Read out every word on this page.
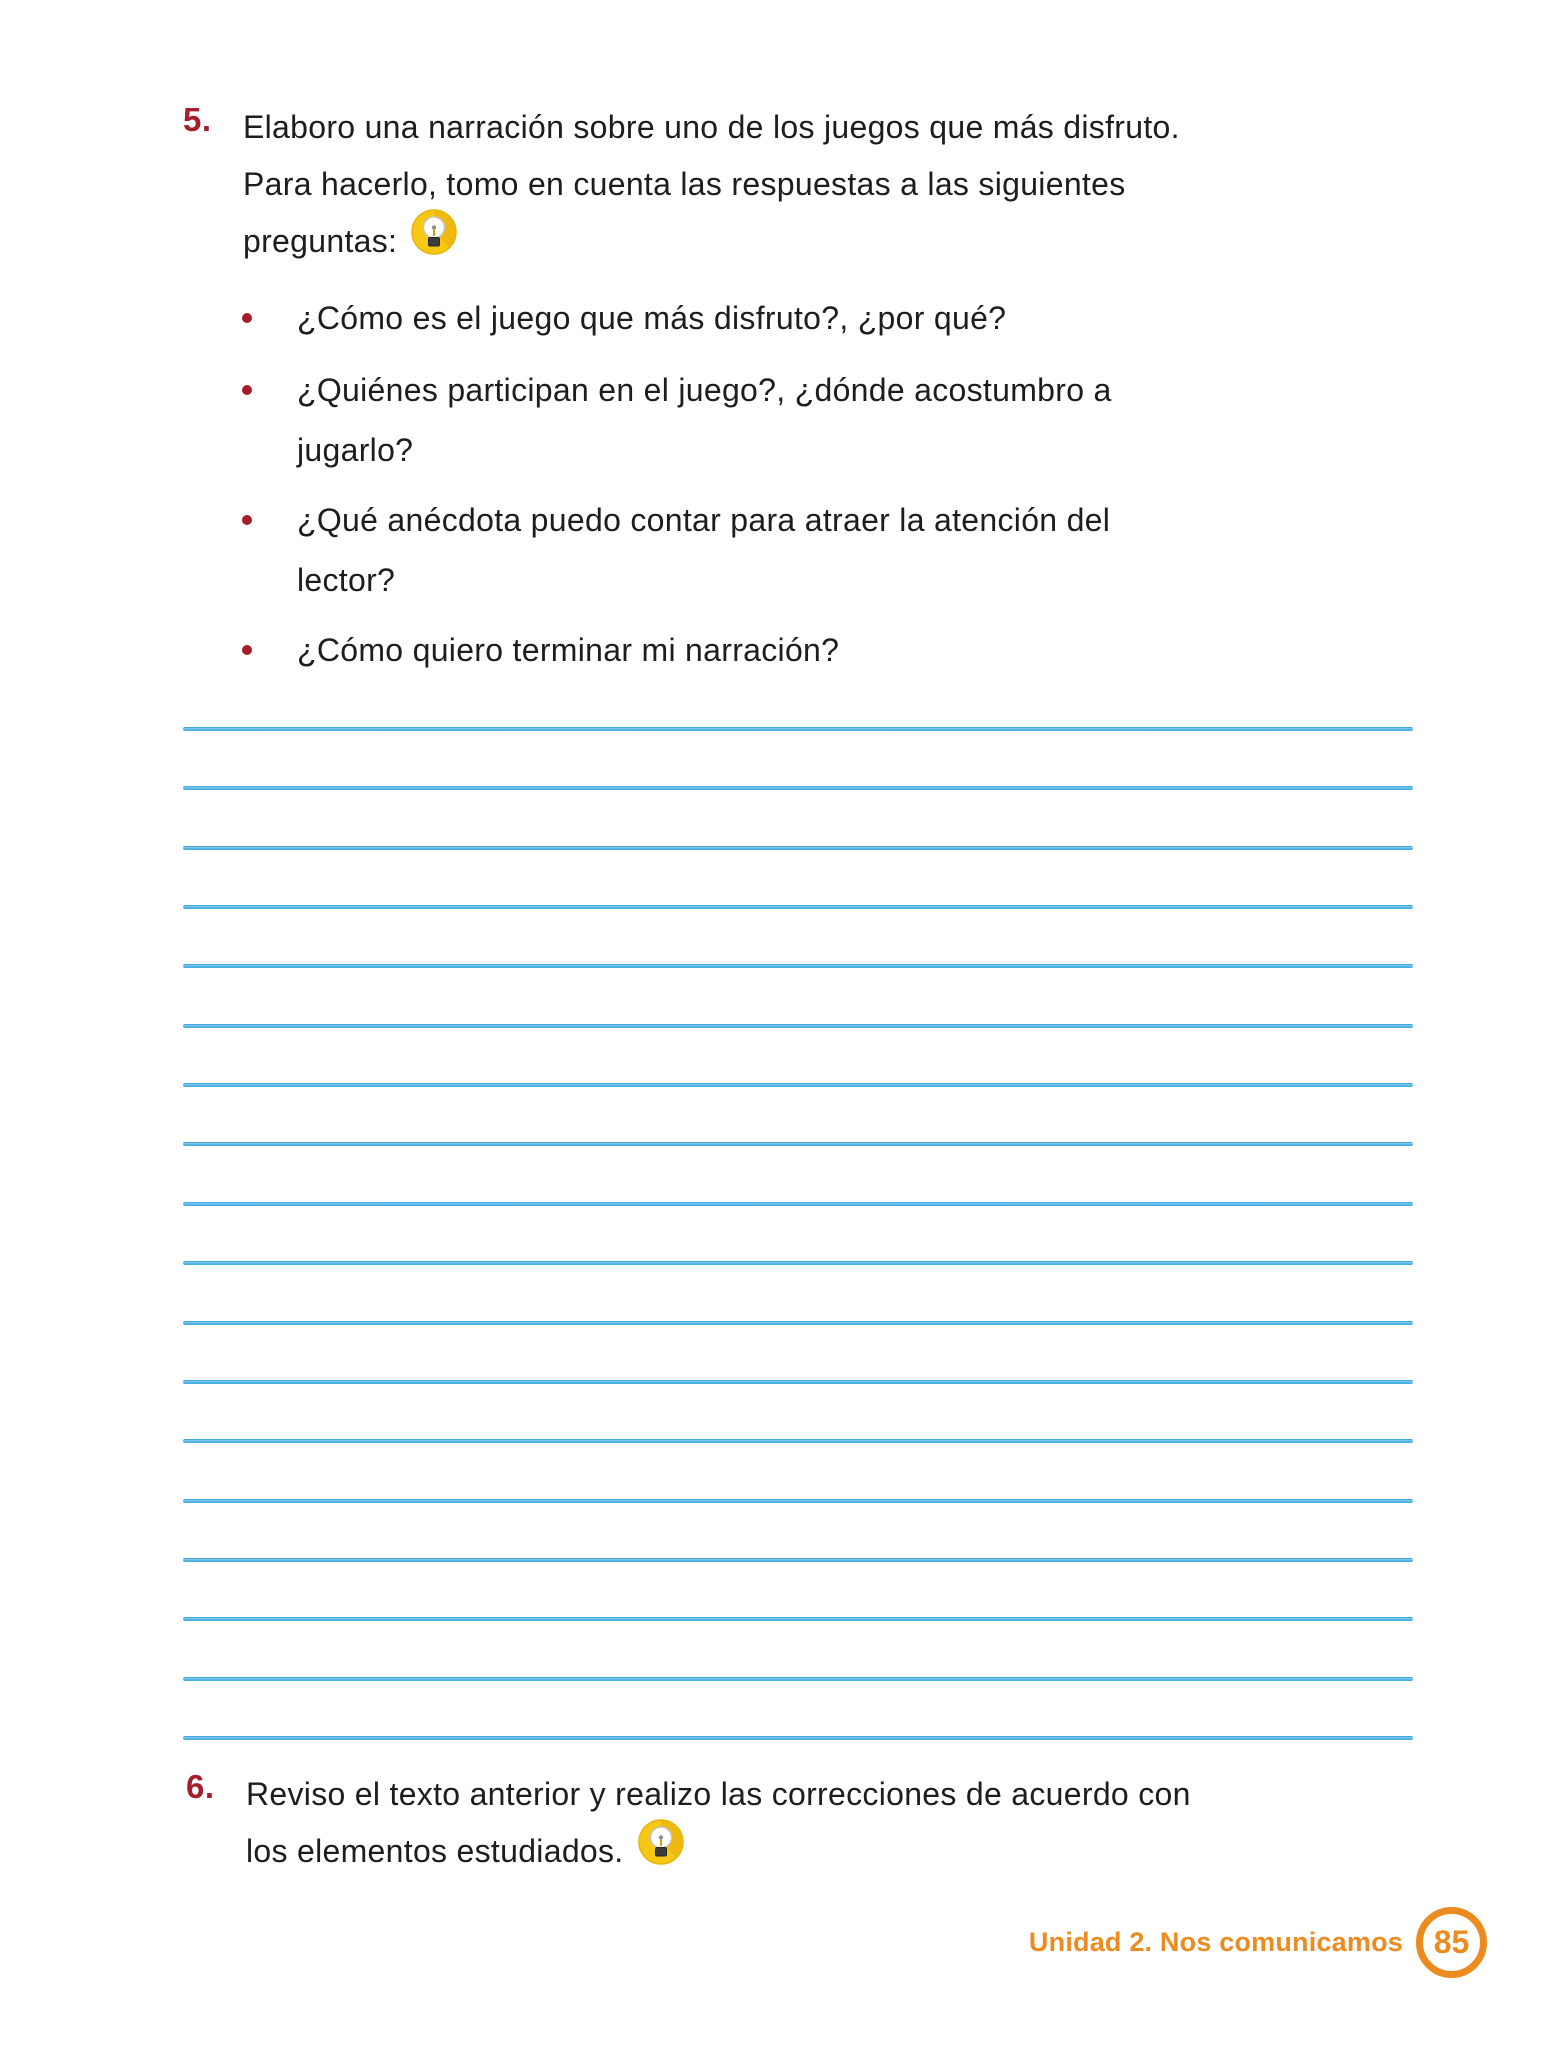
5. Elaboro una narración sobre uno de los juegos que más disfruto.
Para hacerlo, tomo en cuenta las respuestas a las siguientes
preguntas:
¿Cómo es el juego que más disfruto?, ¿por qué?
¿Quiénes participan en el juego?, ¿dónde acostumbro a
jugarlo?
¿Qué anécdota puedo contar para atraer la atención del
lector?
¿Cómo quiero terminar mi narración?
6. Reviso el texto anterior y realizo las correcciones de acuerdo con
los elementos estudiados.
Unidad 2. Nos comunicamos 85
